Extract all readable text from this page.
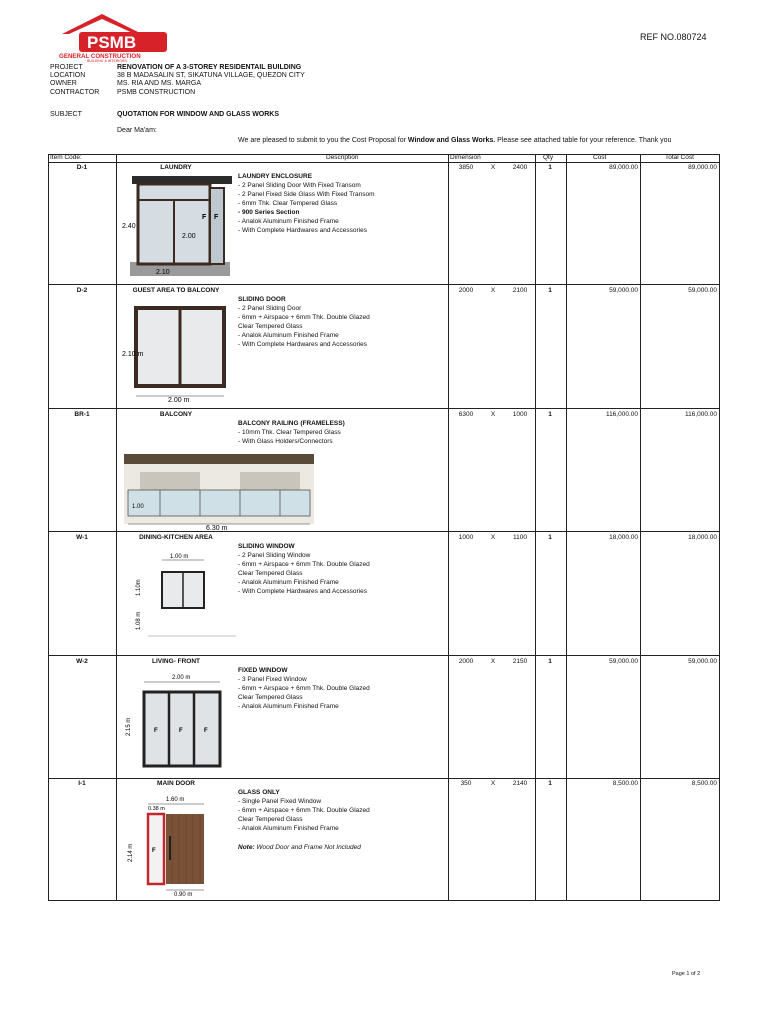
PSMB
GENERAL CONSTRUCTION
BUILDING & INTERIORS
REF NO.080724
PROJECT	RENOVATION OF A 3-STOREY RESIDENTAIL BUILDING
LOCATION	38 B MADASALIN ST, SIKATUNA VILLAGE, QUEZON CITY
OWNER	MS. RIA AND MS. MARGA
CONTRACTOR	PSMB CONSTRUCTION
SUBJECT	QUOTATION FOR WINDOW AND GLASS WORKS
Dear Ma'am:
We are pleased to submit to you the Cost Proposal for Window and Glass Works. Please see attached table for your reference. Thank you
Item Code:	Description	Dimension	Qty	Cost	Total Cost
D-1	LAUNDRY
LAUNDRY ENCLOSURE
- 2 Panel Sliding Door With Fixed Transom
- 2 Panel Fixed Side Glass With Fixed Transom
- 6mm Thk. Clear Tempered Glass
- 900 Series Section
- Analok Aluminum Finished Frame
- With Complete Hardwares and Accessories
3850	X	2400	1	89,000.00	89,000.00
2.40
2.00
2.10
F F
D-2	GUEST AREA TO BALCONY
SLIDING DOOR
- 2 Panel Sliding Door
- 6mm + Airspace + 6mm Thk. Double Glazed
Clear Tempered Glass
- Analok Aluminum Finished Frame
- With Complete Hardwares and Accessories
2000	X	2100	1	59,000.00	59,000.00
2.10 m
2.00 m
BR-1	BALCONY
BALCONY RAILING (FRAMELESS)
- 10mm Thk. Clear Tempered Glass
- With Glass Holders/Connectors
6300	X	1000	1	116,000.00	116,000.00
1.00
6.30 m
W-1	DINING-KITCHEN AREA
SLIDING WINDOW
- 2 Panel Sliding Window
- 6mm + Airspace + 6mm Thk. Double Glazed
Clear Tempered Glass
- Analok Aluminum Finished Frame
- With Complete Hardwares and Accessories
1000	X	1100	1	18,000.00	18,000.00
1.00 m
1.10m
1.08 m
W-2	LIVING- FRONT
FIXED WINDOW
- 3 Panel Fixed Window
- 6mm + Airspace + 6mm Thk. Double Glazed
Clear Tempered Glass
- Analok Aluminum Finished Frame
2000	X	2150	1	59,000.00	59,000.00
2.00 m
2.15 m	F	F	F
I-1	MAIN DOOR
GLASS ONLY
- Single Panel Fixed Window
- 6mm + Airspace + 6mm Thk. Double Glazed
Clear Tempered Glass
- Analok Aluminum Finished Frame
Note: Wood Door and Frame Not Included
350	X	2140	1	8,500.00	8,500.00
1.60 m
0.38 m
F
2.14 m
0.90 m
Page 1 of 2
